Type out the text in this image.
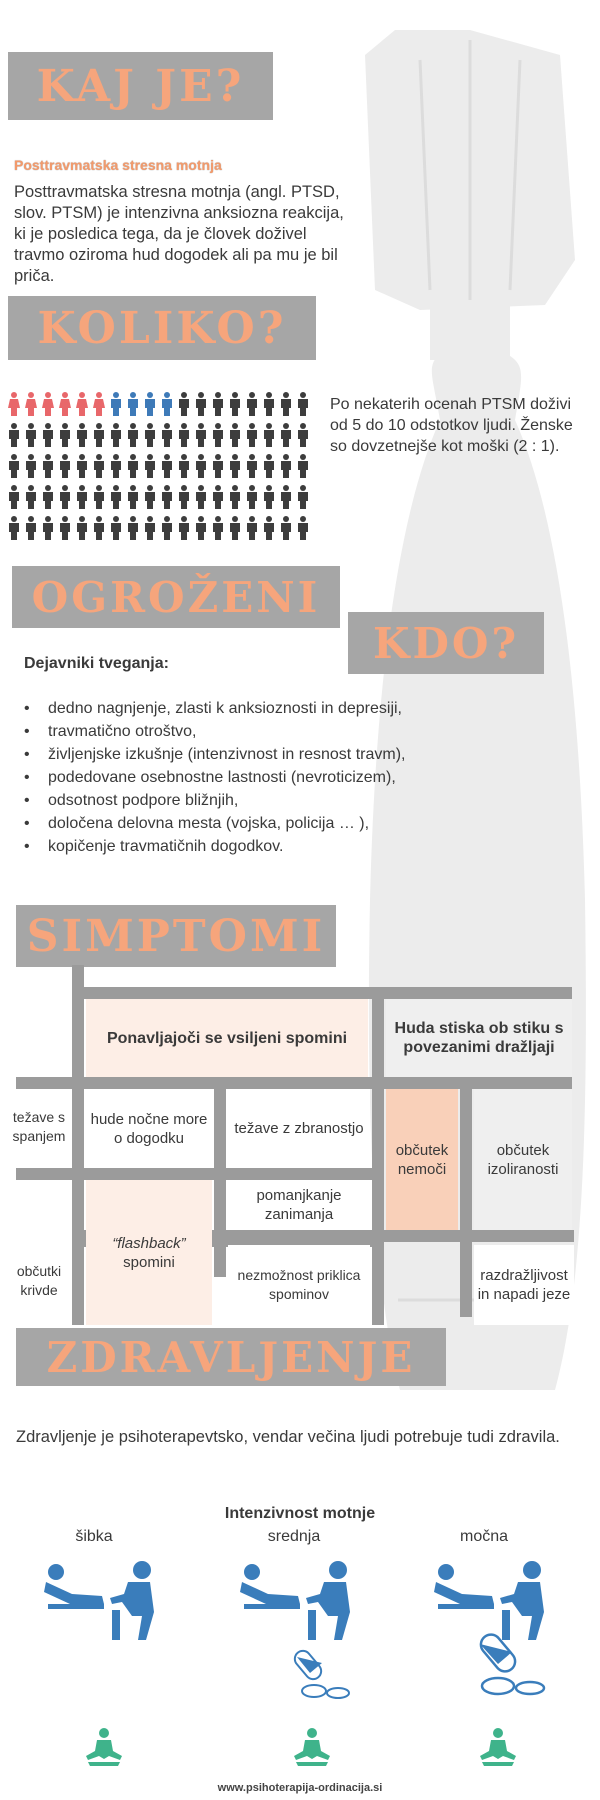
KAJ JE?
Posttravmatska stresna motnja
Posttravmatska stresna motnja (angl. PTSD, slov. PTSM) je intenzivna anksiozna reakcija, ki je posledica tega, da je človek doživel travmo oziroma hud dogodek ali pa mu je bil priča.
KOLIKO?
Po nekaterih ocenah PTSM doživi od 5 do 10 odstotkov ljudi. Ženske so dovzetnejše kot moški (2 : 1).
OGROŽENI
KDO?
Dejavniki tveganja:
• dedno nagnjenje, zlasti k anksioznosti in depresiji,
• travmatično otroštvo,
• življenjske izkušnje (intenzivnost in resnost travm),
• podedovane osebnostne lastnosti (nevroticizem),
• odsotnost podpore bližnjih,
• določena delovna mesta (vojska, policija … ),
• kopičenje travmatičnih dogodkov.
SIMPTOMI
Ponavljajoči se vsiljeni spomini
Huda stiska ob stiku s povezanimi dražljaji
hude nočne more o dogodku
težave z zbranostjo
občutek nemoči
občutek izoliranosti
pomanjkanje zanimanja
“flashback”
spomini
nezmožnost priklica spominov
razdražljivost in napadi jeze
težave s spanjem
občutki krivde
ZDRAVLJENJE
Zdravljenje je psihoterapevtsko, vendar večina ljudi potrebuje tudi zdravila.
Intenzivnost motnje
šibka	srednja	močna
www.psihoterapija-ordinacija.si
